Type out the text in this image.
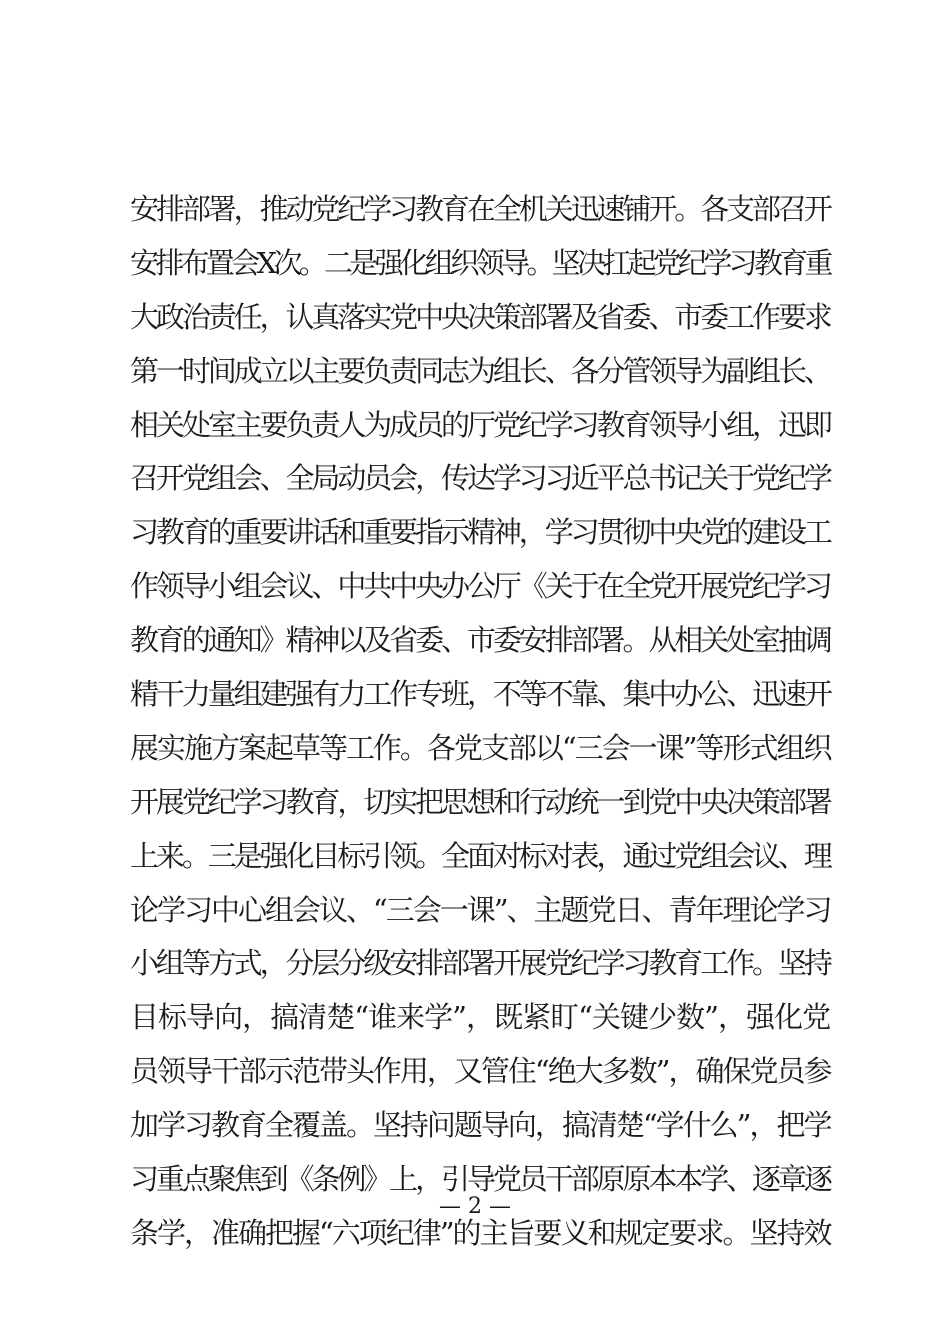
安排部署，推动党纪学习教育在全机关迅速铺开。各支部召开
安排布置会X次。二是强化组织领导。坚决扛起党纪学习教育重
大政治责任，认真落实党中央决策部署及省委、市委工作要求
第一时间成立以主要负责同志为组长、各分管领导为副组长、
相关处室主要负责人为成员的厅党纪学习教育领导小组，迅即
召开党组会、全局动员会，传达学习习近平总书记关于党纪学
习教育的重要讲话和重要指示精神，学习贯彻中央党的建设工
作领导小组会议、中共中央办公厅《关于在全党开展党纪学习
教育的通知》精神以及省委、市委安排部署。从相关处室抽调
精干力量组建强有力工作专班，不等不靠、集中办公、迅速开
展实施方案起草等工作。各党支部以“三会一课”等形式组织
开展党纪学习教育，切实把思想和行动统一到党中央决策部署
上来。三是强化目标引领。全面对标对表，通过党组会议、理
论学习中心组会议、“三会一课”、主题党日、青年理论学习
小组等方式，分层分级安排部署开展党纪学习教育工作。坚持
目标导向，搞清楚“谁来学”，既紧盯“关键少数”，强化党
员领导干部示范带头作用，又管住“绝大多数”，确保党员参
加学习教育全覆盖。坚持问题导向，搞清楚“学什么”，把学
习重点聚焦到《条例》上，引导党员干部原原本本学、逐章逐
条学，准确把握“六项纪律”的主旨要义和规定要求。坚持效
— 2 —
